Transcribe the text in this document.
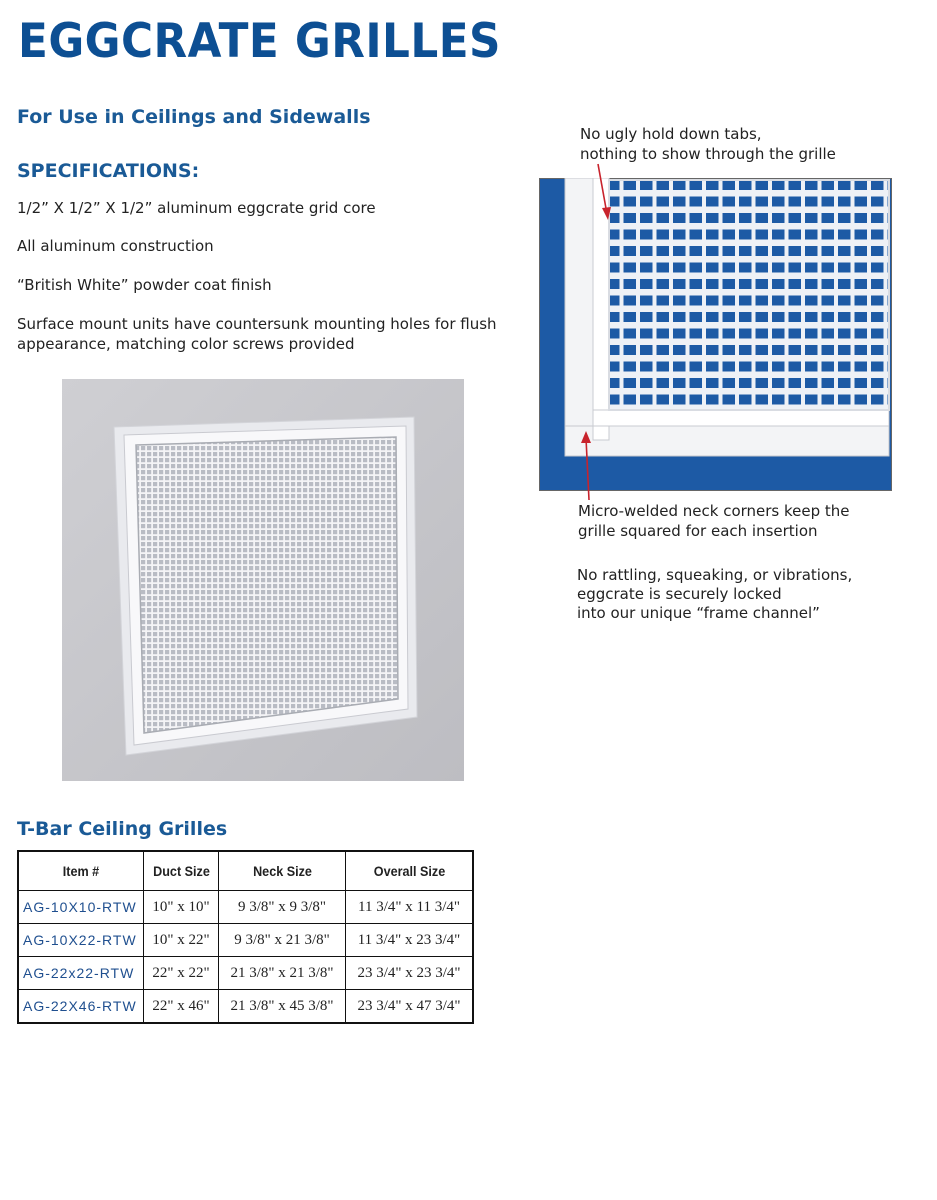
EGGCRATE GRILLES
For Use in Ceilings and Sidewalls
SPECIFICATIONS:

1/2” X 1/2” X 1/2” aluminum eggcrate grid core

All aluminum construction

“British White” powder coat finish

Surface mount units have countersunk mounting holes for flush appearance, matching color screws provided

No ugly hold down tabs,

nothing to show through the grille

Micro-welded neck corners keep the

grille squared for each insertion

No rattling, squeaking, or vibrations,

eggcrate is securely locked

into our unique “frame channel”

T-Bar Ceiling Grilles
Item #	Duct Size	Neck Size	Overall Size
AG-10X10-RTW	10" x 10"	9 3/8" x 9 3/8"	11 3/4" x 11 3/4"
AG-10X22-RTW	10" x 22"	9 3/8" x 21 3/8"	11 3/4" x 23 3/4"
AG-22x22-RTW	22" x 22"	21 3/8" x 21 3/8"	23 3/4" x 23 3/4"
AG-22X46-RTW	22" x 46"	21 3/8" x 45 3/8"	23 3/4" x 47 3/4"
